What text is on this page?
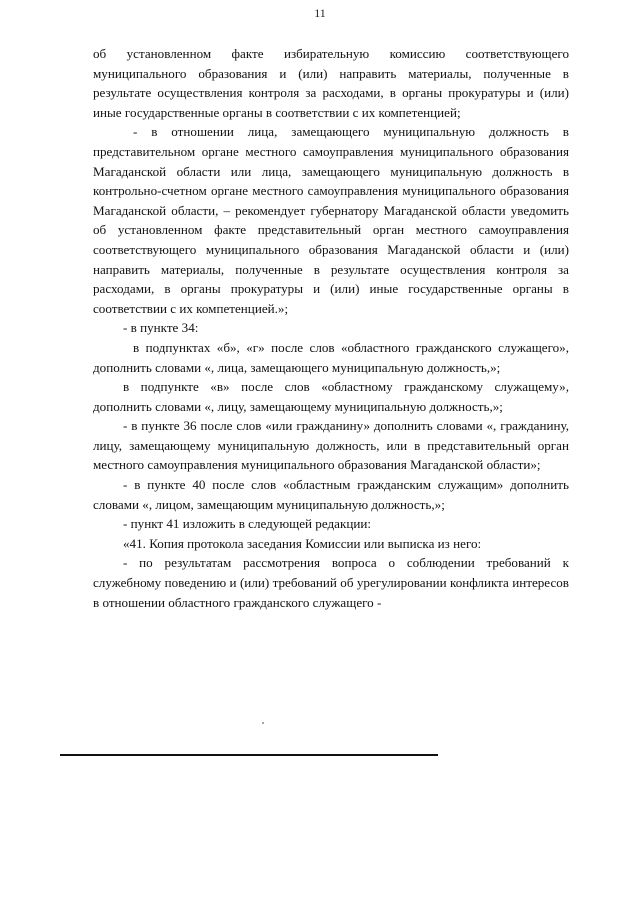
11

об установленном факте избирательную комиссию соответствующего муниципального образования и (или) направить материалы, полученные в результате осуществления контроля за расходами, в органы прокуратуры и (или) иные государственные органы в соответствии с их компетенцией;

- в отношении лица, замещающего муниципальную должность в представительном органе местного самоуправления муниципального образования Магаданской области или лица, замещающего муниципальную должность в контрольно-счетном органе местного самоуправления муниципального образования Магаданской области, – рекомендует губернатору Магаданской области уведомить об установленном факте представительный орган местного самоуправления соответствующего муниципального образования Магаданской области и (или) направить материалы, полученные в результате осуществления контроля за расходами, в органы прокуратуры и (или) иные государственные органы в соответствии с их компетенцией.»;

- в пункте 34:

в подпунктах «б», «г» после слов «областного гражданского служащего», дополнить словами «, лица, замещающего муниципальную должность,»;

в подпункте «в» после слов «областному гражданскому служащему», дополнить словами «, лицу, замещающему муниципальную должность,»;

- в пункте 36 после слов «или гражданину» дополнить словами «, гражданину, лицу, замещающему муниципальную должность, или в представительный орган местного самоуправления муниципального образования Магаданской области»;

- в пункте 40 после слов «областным гражданским служащим» дополнить словами «, лицом, замещающим муниципальную должность,»;

- пункт 41 изложить в следующей редакции:

«41. Копия протокола заседания Комиссии или выписка из него:

- по результатам рассмотрения вопроса о соблюдении требований к служебному поведению и (или) требований об урегулировании конфликта интересов в отношении областного гражданского служащего -
